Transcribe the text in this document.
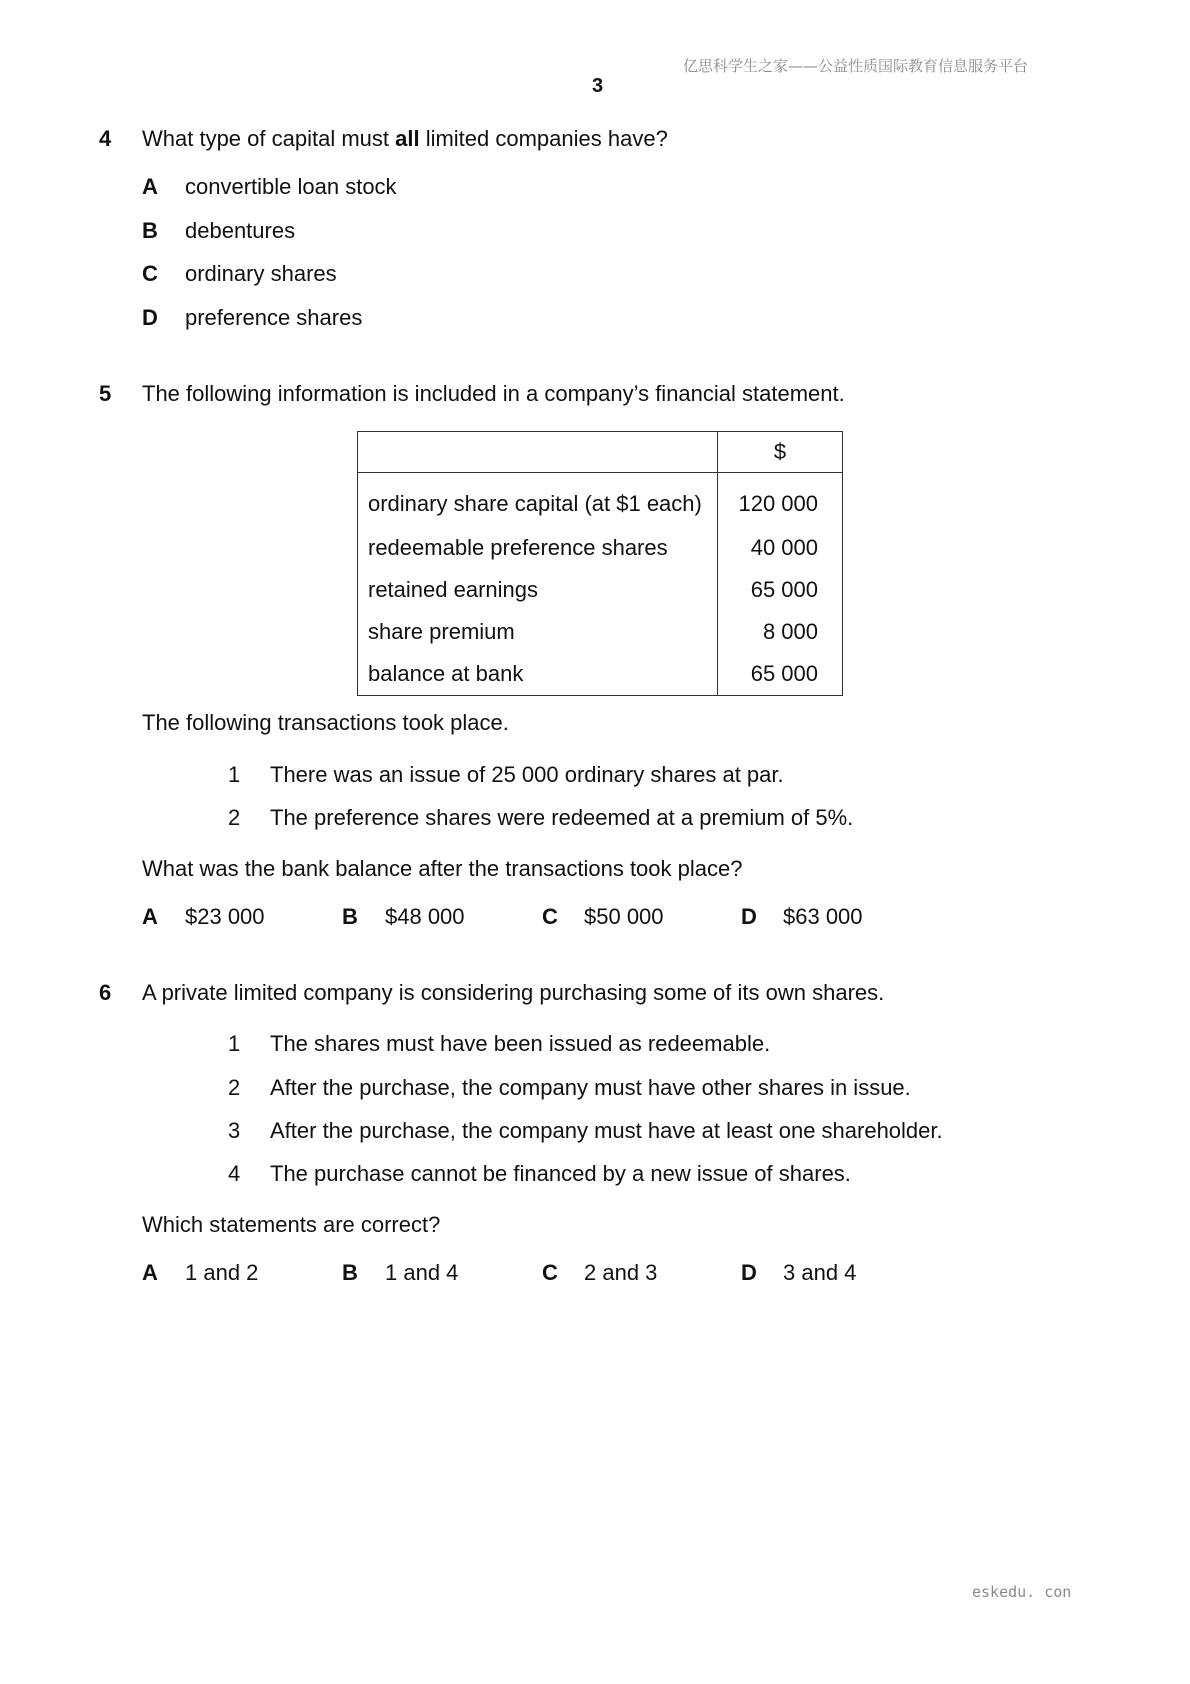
亿思科学生之家——公益性质国际教育信息服务平台
3
4 What type of capital must all limited companies have?
A convertible loan stock
B debentures
C ordinary shares
D preference shares
5 The following information is included in a company’s financial statement.
	$
ordinary share capital (at $1 each)	120 000
redeemable preference shares	40 000
retained earnings	65 000
share premium	8 000
balance at bank	65 000
The following transactions took place.
1 There was an issue of 25 000 ordinary shares at par.
2 The preference shares were redeemed at a premium of 5%.
What was the bank balance after the transactions took place?
A $23 000	B $48 000	C $50 000	D $63 000
6 A private limited company is considering purchasing some of its own shares.
1 The shares must have been issued as redeemable.
2 After the purchase, the company must have other shares in issue.
3 After the purchase, the company must have at least one shareholder.
4 The purchase cannot be financed by a new issue of shares.
Which statements are correct?
A 1 and 2	B 1 and 4	C 2 and 3	D 3 and 4
eskedu. con
